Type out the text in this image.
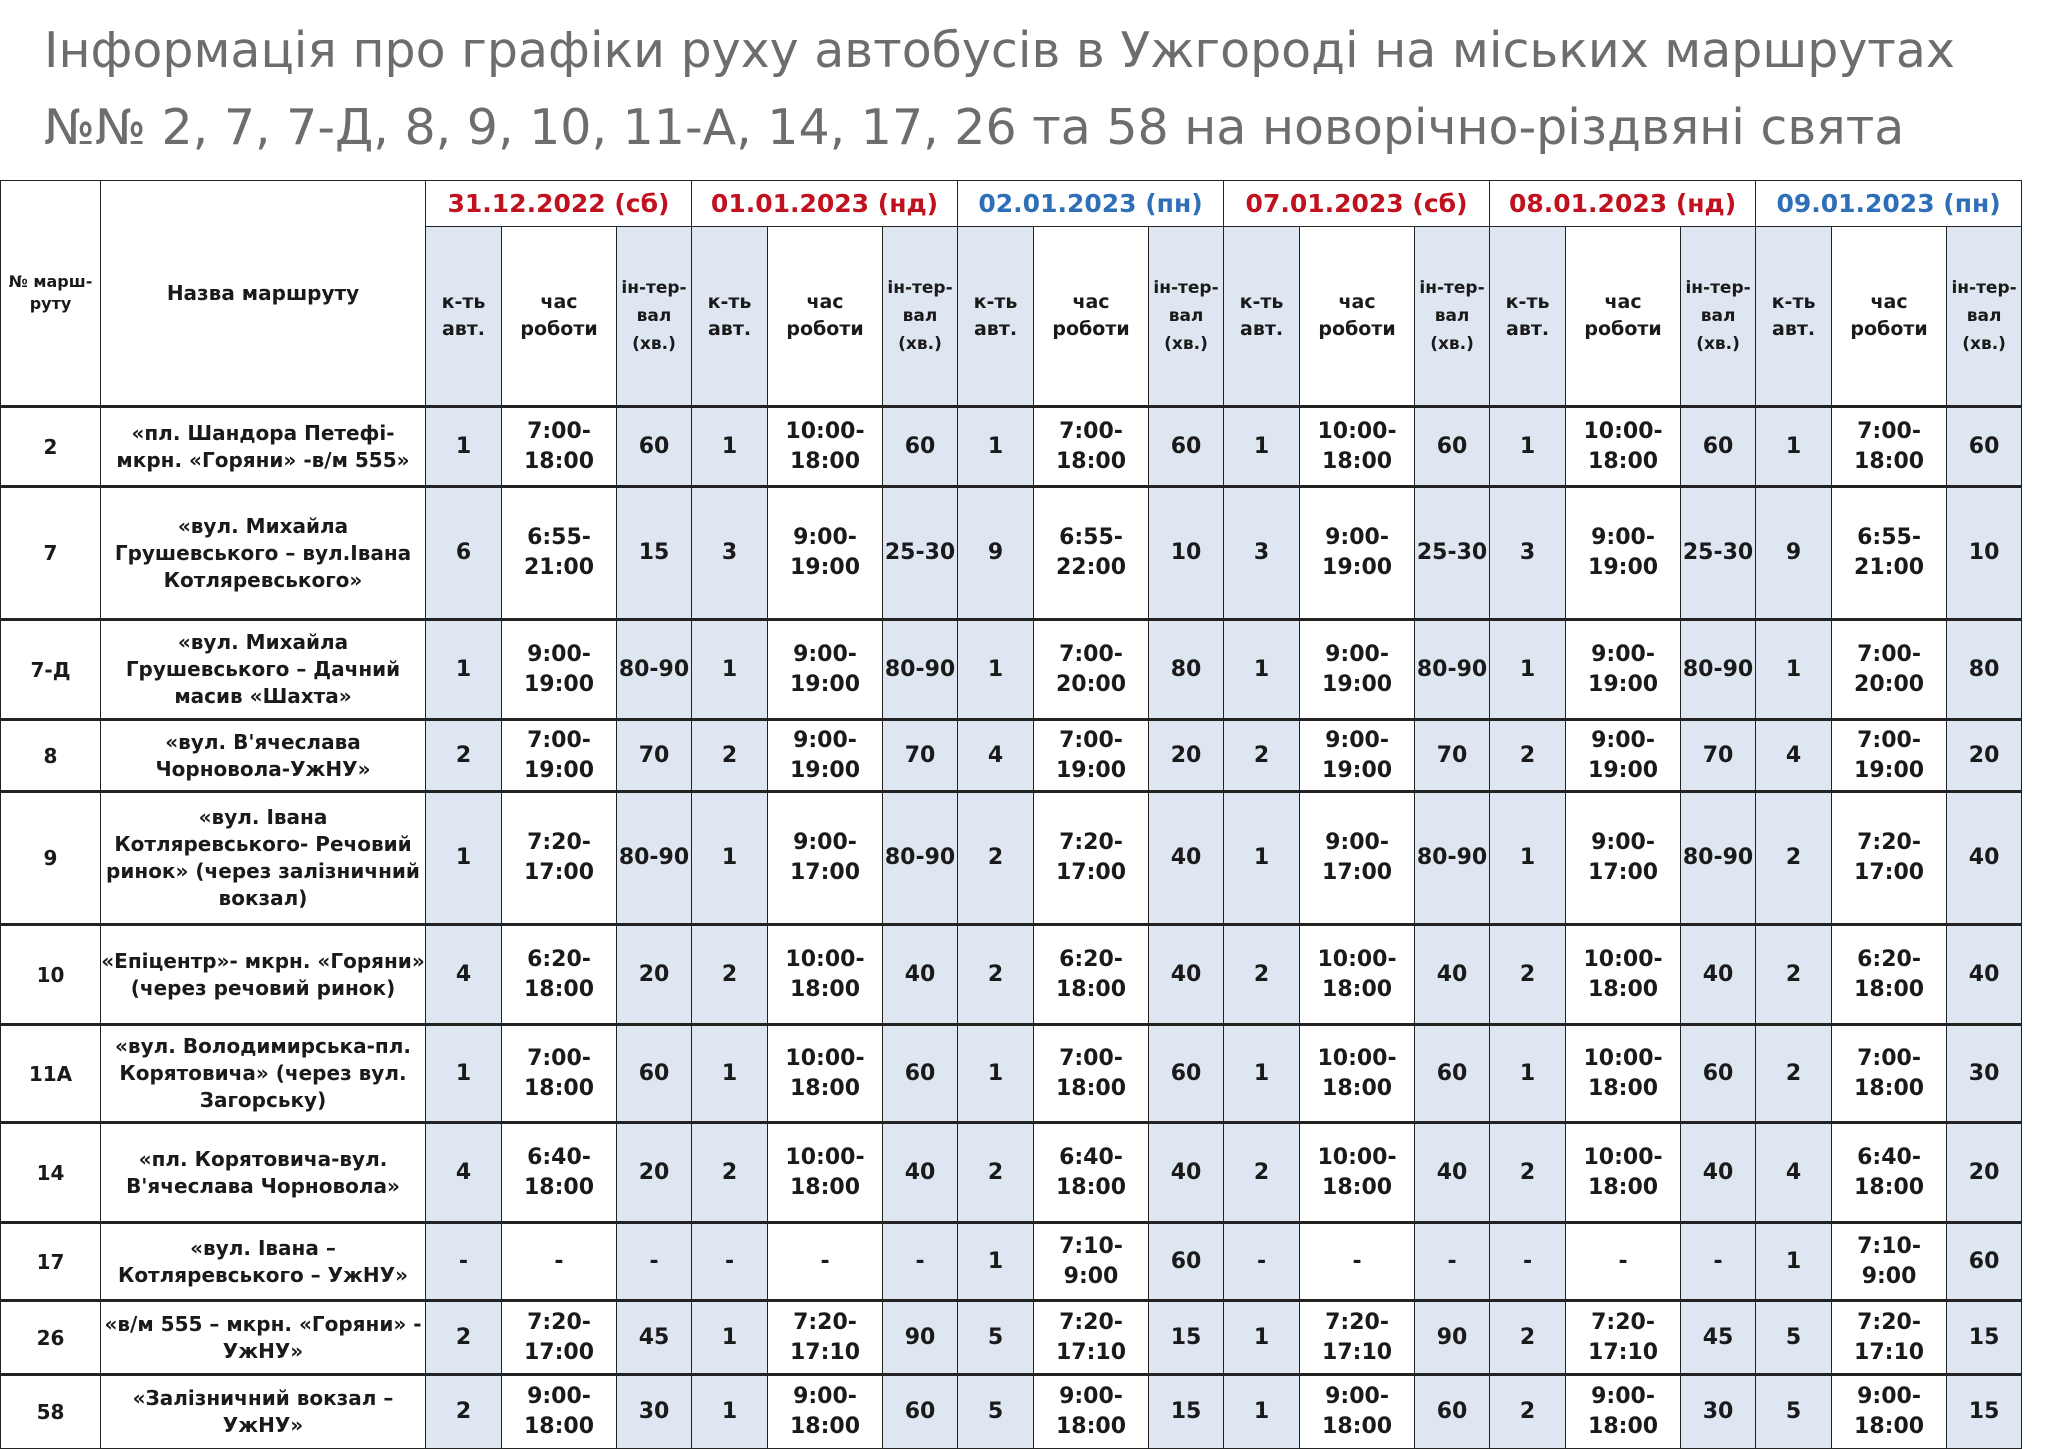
Інформація про графіки руху автобусів в Ужгороді на міських маршрутах
№№ 2, 7, 7-Д, 8, 9, 10, 11-А, 14, 17, 26 та 58 на новорічно-різдвяні свята
№ марш-руту	Назва маршруту	31.12.2022 (сб)			01.01.2023 (нд)			02.01.2023 (пн)			07.01.2023 (сб)			08.01.2023 (нд)			09.01.2023 (пн)		
		к-ть авт.	час роботи	ін-тер-вал (хв.)	к-ть авт.	час роботи	ін-тер-вал (хв.)	к-ть авт.	час роботи	ін-тер-вал (хв.)	к-ть авт.	час роботи	ін-тер-вал (хв.)	к-ть авт.	час роботи	ін-тер-вал (хв.)	к-ть авт.	час роботи	ін-тер-вал (хв.)
2	«пл. Шандора Петефі-мкрн. «Горяни» -в/м 555»	1	7:00-18:00	60	1	10:00-18:00	60	1	7:00-18:00	60	1	10:00-18:00	60	1	10:00-18:00	60	1	7:00-18:00	60
7	«вул. Михайла Грушевського – вул.Івана Котляревського»	6	6:55-21:00	15	3	9:00-19:00	25-30	9	6:55-22:00	10	3	9:00-19:00	25-30	3	9:00-19:00	25-30	9	6:55-21:00	10
7-Д	«вул. Михайла Грушевського – Дачний масив «Шахта»	1	9:00-19:00	80-90	1	9:00-19:00	80-90	1	7:00-20:00	80	1	9:00-19:00	80-90	1	9:00-19:00	80-90	1	7:00-20:00	80
8	«вул. В'ячеслава Чорновола-УжНУ»	2	7:00-19:00	70	2	9:00-19:00	70	4	7:00-19:00	20	2	9:00-19:00	70	2	9:00-19:00	70	4	7:00-19:00	20
9	«вул. Івана Котляревського- Речовий ринок» (через залізничний вокзал)	1	7:20-17:00	80-90	1	9:00-17:00	80-90	2	7:20-17:00	40	1	9:00-17:00	80-90	1	9:00-17:00	80-90	2	7:20-17:00	40
10	«Епіцентр»- мкрн. «Горяни» (через речовий ринок)	4	6:20-18:00	20	2	10:00-18:00	40	2	6:20-18:00	40	2	10:00-18:00	40	2	10:00-18:00	40	2	6:20-18:00	40
11А	«вул. Володимирська-пл. Корятовича» (через вул. Загорську)	1	7:00-18:00	60	1	10:00-18:00	60	1	7:00-18:00	60	1	10:00-18:00	60	1	10:00-18:00	60	2	7:00-18:00	30
14	«пл. Корятовича-вул. В'ячеслава Чорновола»	4	6:40-18:00	20	2	10:00-18:00	40	2	6:40-18:00	40	2	10:00-18:00	40	2	10:00-18:00	40	4	6:40-18:00	20
17	«вул. Івана – Котляревського – УжНУ»	-	-	-	-	-	-	1	7:10-9:00	60	-	-	-	-	-	-	1	7:10-9:00	60
26	«в/м 555 – мкрн. «Горяни» - УжНУ»	2	7:20-17:00	45	1	7:20-17:10	90	5	7:20-17:10	15	1	7:20-17:10	90	2	7:20-17:10	45	5	7:20-17:10	15
58	«Залізничний вокзал – УжНУ»	2	9:00-18:00	30	1	9:00-18:00	60	5	9:00-18:00	15	1	9:00-18:00	60	2	9:00-18:00	30	5	9:00-18:00	15
